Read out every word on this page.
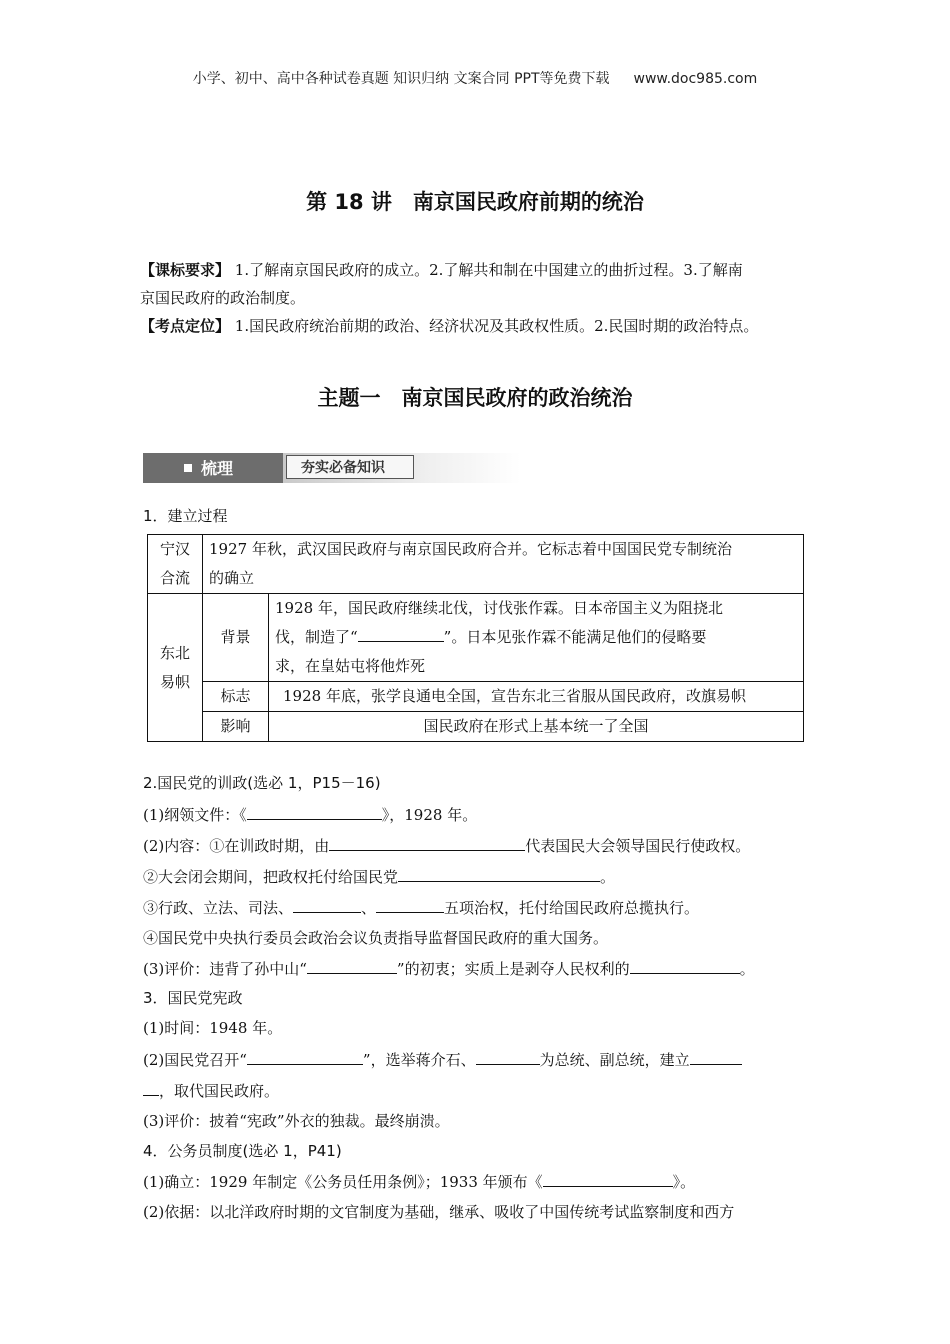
小学、初中、高中各种试卷真题 知识归纳 文案合同 PPT等免费下载 www.doc985.com
第 18 讲　南京国民政府前期的统治
【课标要求】 1.了解南京国民政府的成立。2.了解共和制在中国建立的曲折过程。3.了解南
京国民政府的政治制度。
【考点定位】 1.国民政府统治前期的政治、经济状况及其政权性质。2.民国时期的政治特点。
主题一　南京国民政府的政治统治
梳理	夯实必备知识
1．建立过程
宁汉
合流	1927 年秋，武汉国民政府与南京国民政府合并。它标志着中国国民党专制统治
的确立	
东北
易帜	背景	1928 年，国民政府继续北伐，讨伐张作霖。日本帝国主义为阻挠北
伐，制造了“ ”。日本见张作霖不能满足他们的侵略要
求，在皇姑屯将他炸死
	标志	1928 年底，张学良通电全国，宣告东北三省服从国民政府，改旗易帜
	影响	国民政府在形式上基本统一了全国
2.国民党的训政(选必 1，P15－16)
(1)纲领文件：《	》，1928 年。
(2)内容：①在训政时期，由	代表国民大会领导国民行使政权。
②大会闭会期间，把政权托付给国民党	。
③行政、立法、司法、	、	五项治权，托付给国民政府总揽执行。
④国民党中央执行委员会政治会议负责指导监督国民政府的重大国务。
(3)评价：违背了孙中山“	”的初衷；实质上是剥夺人民权利的	。
3．国民党宪政
(1)时间：1948 年。
(2)国民党召开“	”，选举蒋介石、	为总统、副总统，建立
，取代国民政府。
(3)评价：披着“宪政”外衣的独裁。最终崩溃。
4．公务员制度(选必 1，P41)
(1)确立：1929 年制定《公务员任用条例》；1933 年颁布《	》。
(2)依据：以北洋政府时期的文官制度为基础，继承、吸收了中国传统考试监察制度和西方
